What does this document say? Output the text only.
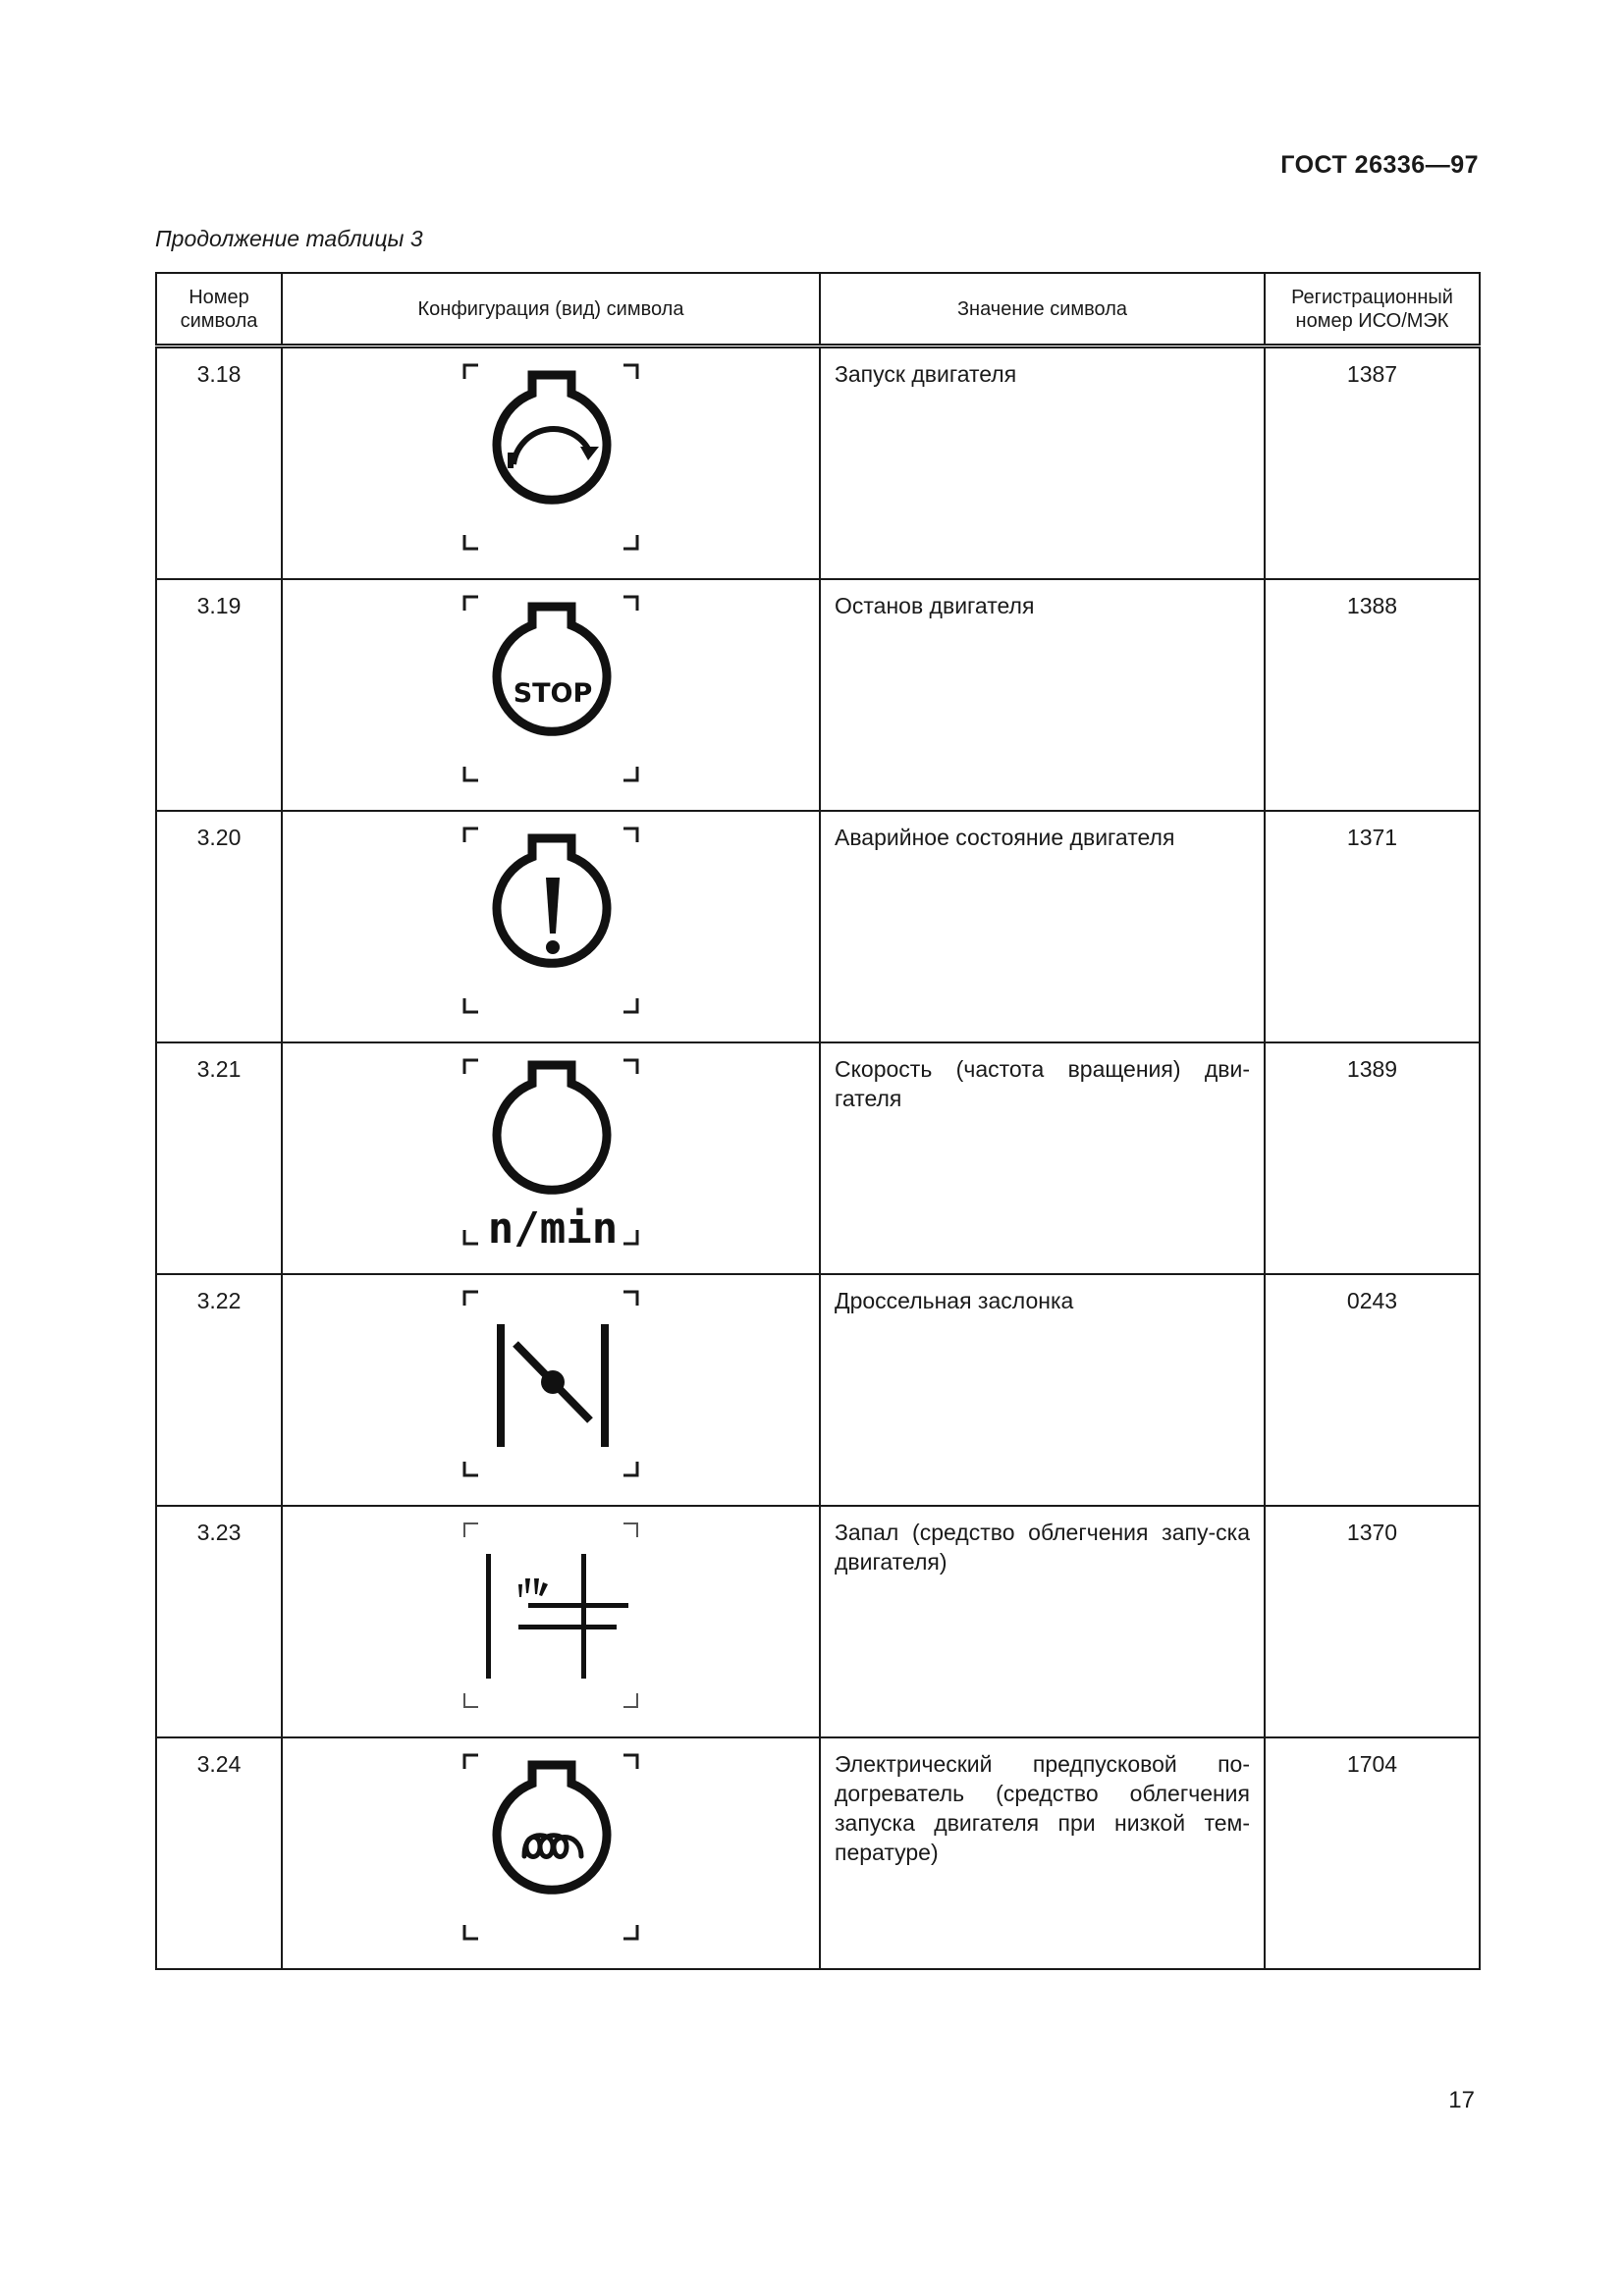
ГОСТ 26336—97
Продолжение таблицы 3
Номер символа	Конфигурация (вид) символа	Значение символа	Регистрационный номер ИСО/МЭК
3.18		Запуск двигателя	1387
3.19	STOP	Останов двигателя	1388
3.20		Аварийное состояние двигателя	1371
3.21	n/min	Скорость (частота вращения) дви-гателя	1389
3.22		Дроссельная заслонка	0243
3.23		Запал (средство облегчения запу-ска двигателя)	1370
3.24		Электрический предпусковой по-догреватель (средство облегчения запуска двигателя при низкой тем-пературе)	1704
17
